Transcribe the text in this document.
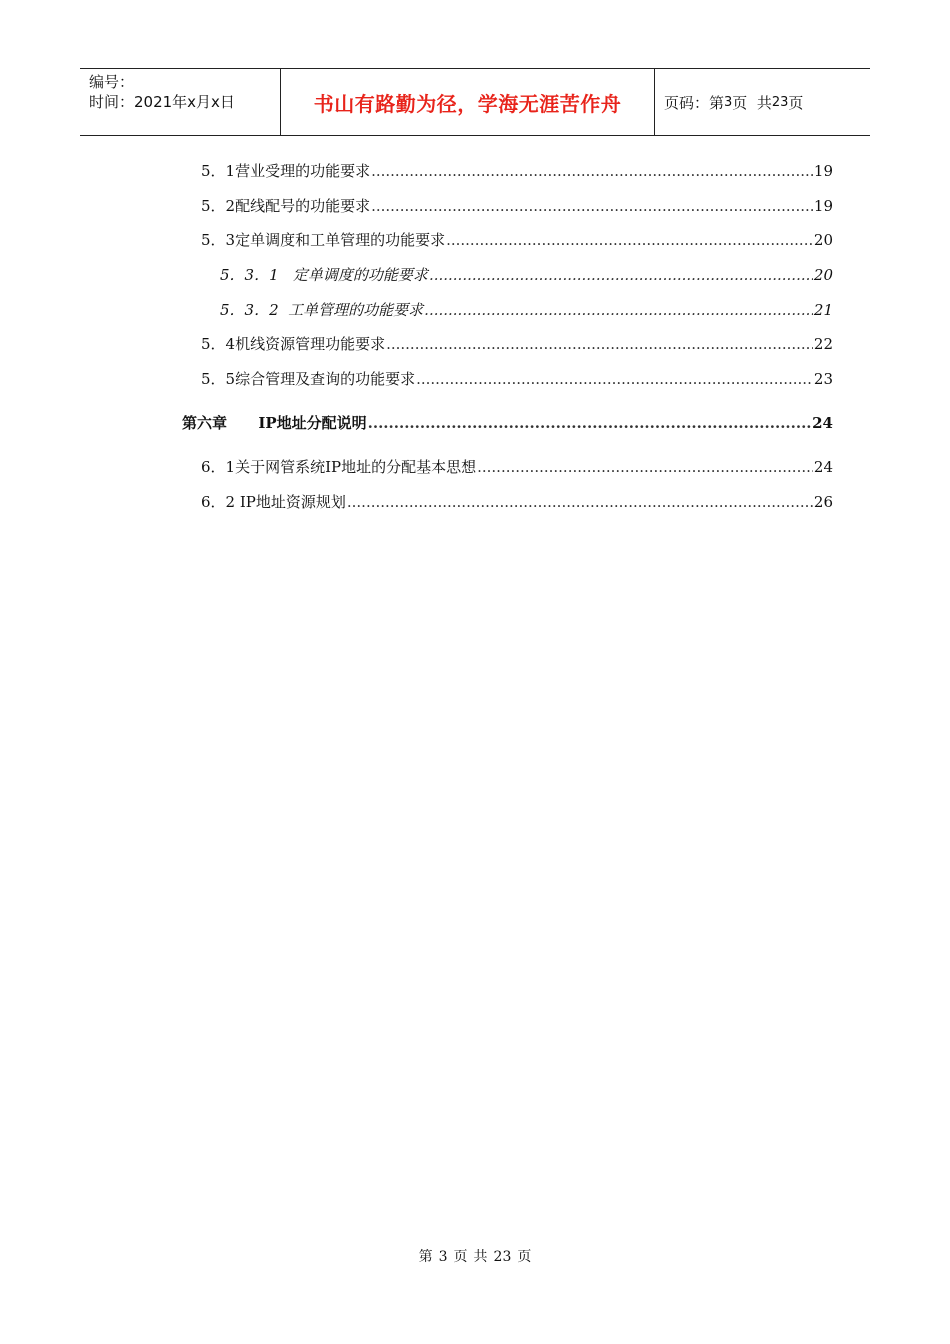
编号：
时间：2021年x月x日	书山有路勤为径，学海无涯苦作舟	页码：第 3 页  共 23 页
5．1营业受理的功能要求 .....	19
5．2配线配号的功能要求 .....	19
5．3定单调度和工单管理的功能要求 .....	20
5．3．1   定单调度的功能要求 .....	20
5．3．2  工单管理的功能要求 .....	21
5．4机线资源管理功能要求 .....	22
5．5综合管理及查询的功能要求 .....	23
第六章      IP地址分配说明 .....	24
6．1关于网管系统IP地址的分配基本思想 .....	24
6．2 IP地址资源规划 .....	26
第 3 页 共 23 页
